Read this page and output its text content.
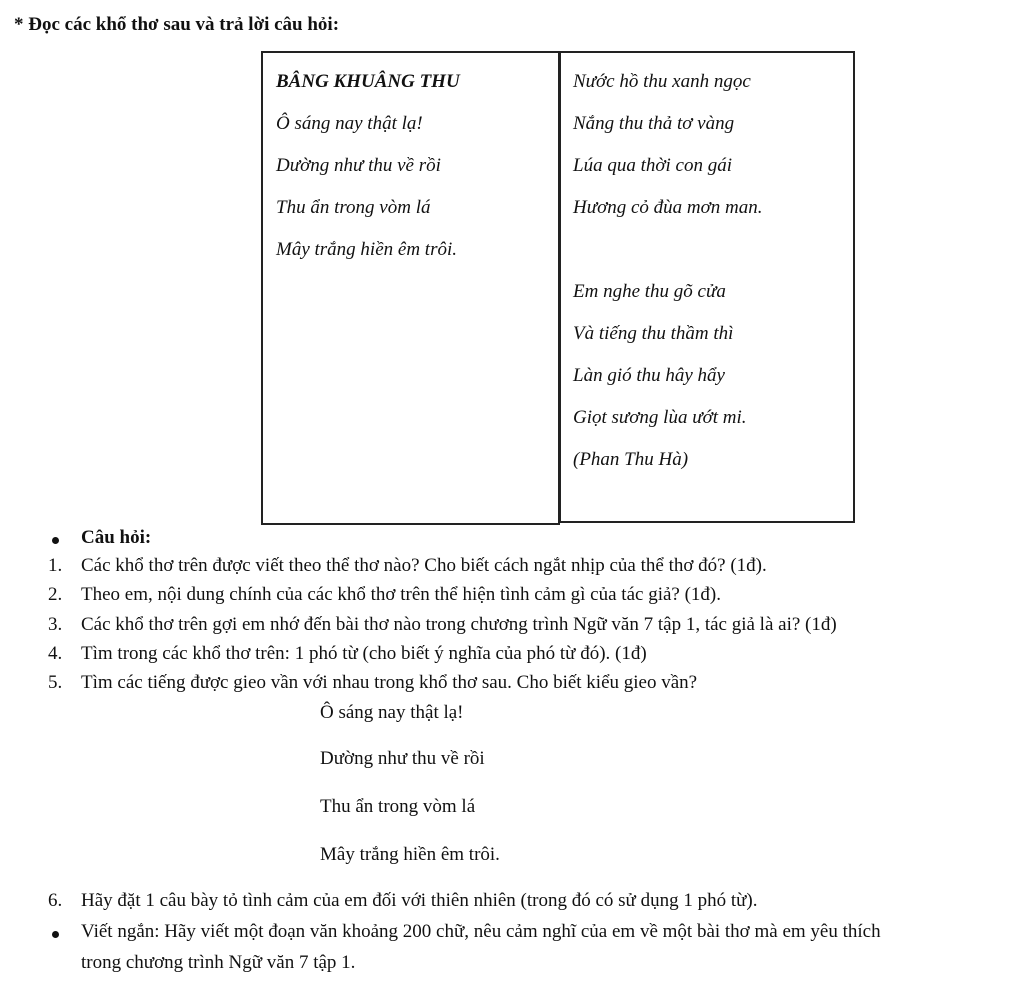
* Đọc các khổ thơ sau và trả lời câu hỏi:
BÂNG KHUÂNG THU
Ô sáng nay thật lạ!
Dường như thu về rồi
Thu ẩn trong vòm lá
Mây trắng hiền êm trôi.
Nước hồ thu xanh ngọc
Nắng thu thả tơ vàng
Lúa qua thời con gái
Hương cỏ đùa mơn man.
Em nghe thu gõ cửa
Và tiếng thu thầm thì
Làn gió thu hây hẩy
Giọt sương lùa ướt mi.
(Phan Thu Hà)
Câu hỏi:
1. Các khổ thơ trên được viết theo thể thơ nào? Cho biết cách ngắt nhịp của thể thơ đó? (1đ).
2. Theo em, nội dung chính của các khổ thơ trên thể hiện tình cảm gì của tác giả? (1đ).
3. Các khổ thơ trên gợi em nhớ đến bài thơ nào trong chương trình Ngữ văn 7 tập 1, tác giả là ai? (1đ)
4. Tìm trong các khổ thơ trên: 1 phó từ (cho biết ý nghĩa của phó từ đó). (1đ)
5. Tìm các tiếng được gieo vần với nhau trong khổ thơ sau. Cho biết kiểu gieo vần?
Ô sáng nay thật lạ!
Dường như thu về rồi
Thu ẩn trong vòm lá
Mây trắng hiền êm trôi.
6. Hãy đặt 1 câu bày tỏ tình cảm của em đối với thiên nhiên (trong đó có sử dụng 1 phó từ).
Viết ngắn: Hãy viết một đoạn văn khoảng 200 chữ, nêu cảm nghĩ của em về một bài thơ mà em yêu thích
trong chương trình Ngữ văn 7 tập 1.
